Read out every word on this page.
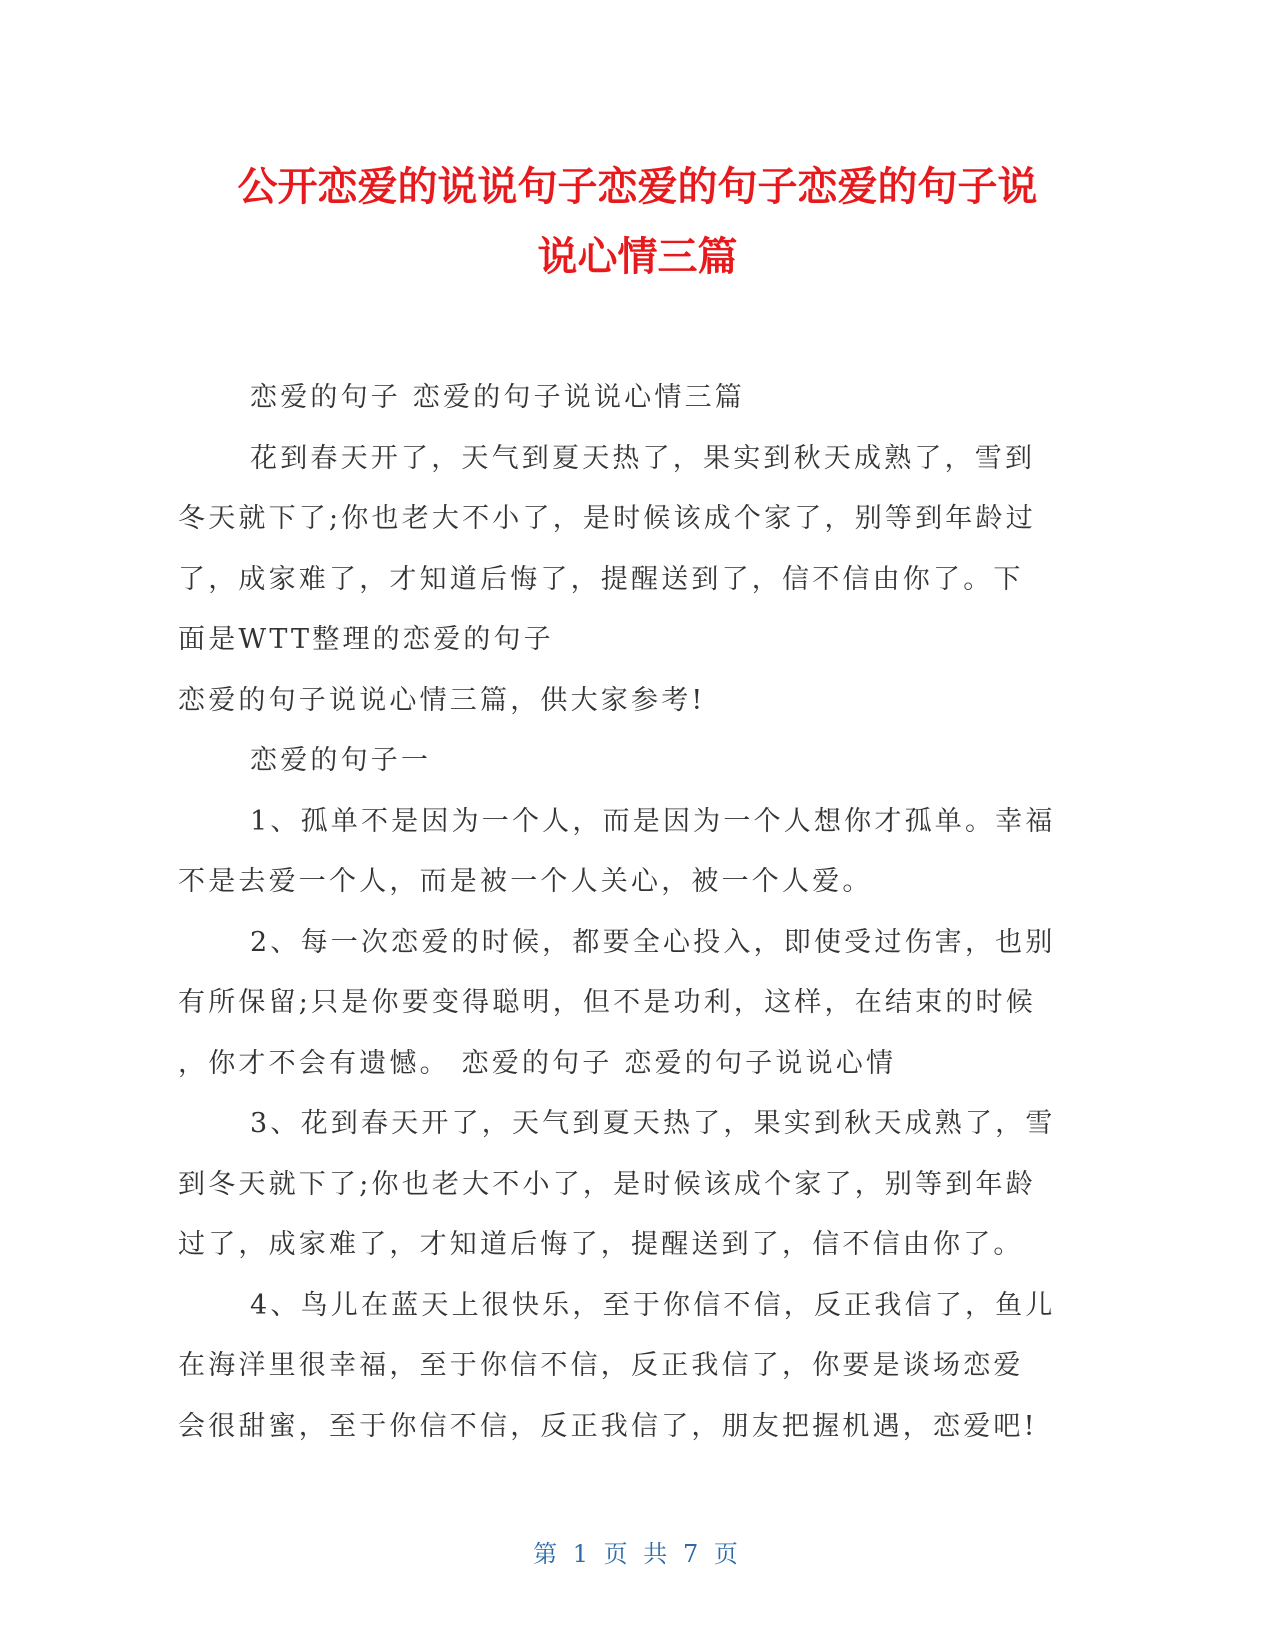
公开恋爱的说说句子恋爱的句子恋爱的句子说
说心情三篇

恋爱的句子 恋爱的句子说说心情三篇

花到春天开了，天气到夏天热了，果实到秋天成熟了，雪到

冬天就下了;你也老大不小了，是时候该成个家了，别等到年龄过

了，成家难了，才知道后悔了，提醒送到了，信不信由你了。下

面是WTT整理的恋爱的句子

恋爱的句子说说心情三篇，供大家参考!

恋爱的句子一

1、孤单不是因为一个人，而是因为一个人想你才孤单。幸福

不是去爱一个人，而是被一个人关心，被一个人爱。

2、每一次恋爱的时候，都要全心投入，即使受过伤害，也别

有所保留;只是你要变得聪明，但不是功利，这样，在结束的时候

，你才不会有遗憾。 恋爱的句子 恋爱的句子说说心情

3、花到春天开了，天气到夏天热了，果实到秋天成熟了，雪

到冬天就下了;你也老大不小了，是时候该成个家了，别等到年龄

过了，成家难了，才知道后悔了，提醒送到了，信不信由你了。

4、鸟儿在蓝天上很快乐，至于你信不信，反正我信了，鱼儿

在海洋里很幸福，至于你信不信，反正我信了，你要是谈场恋爱

会很甜蜜，至于你信不信，反正我信了，朋友把握机遇，恋爱吧!

第 1 页 共 7 页
